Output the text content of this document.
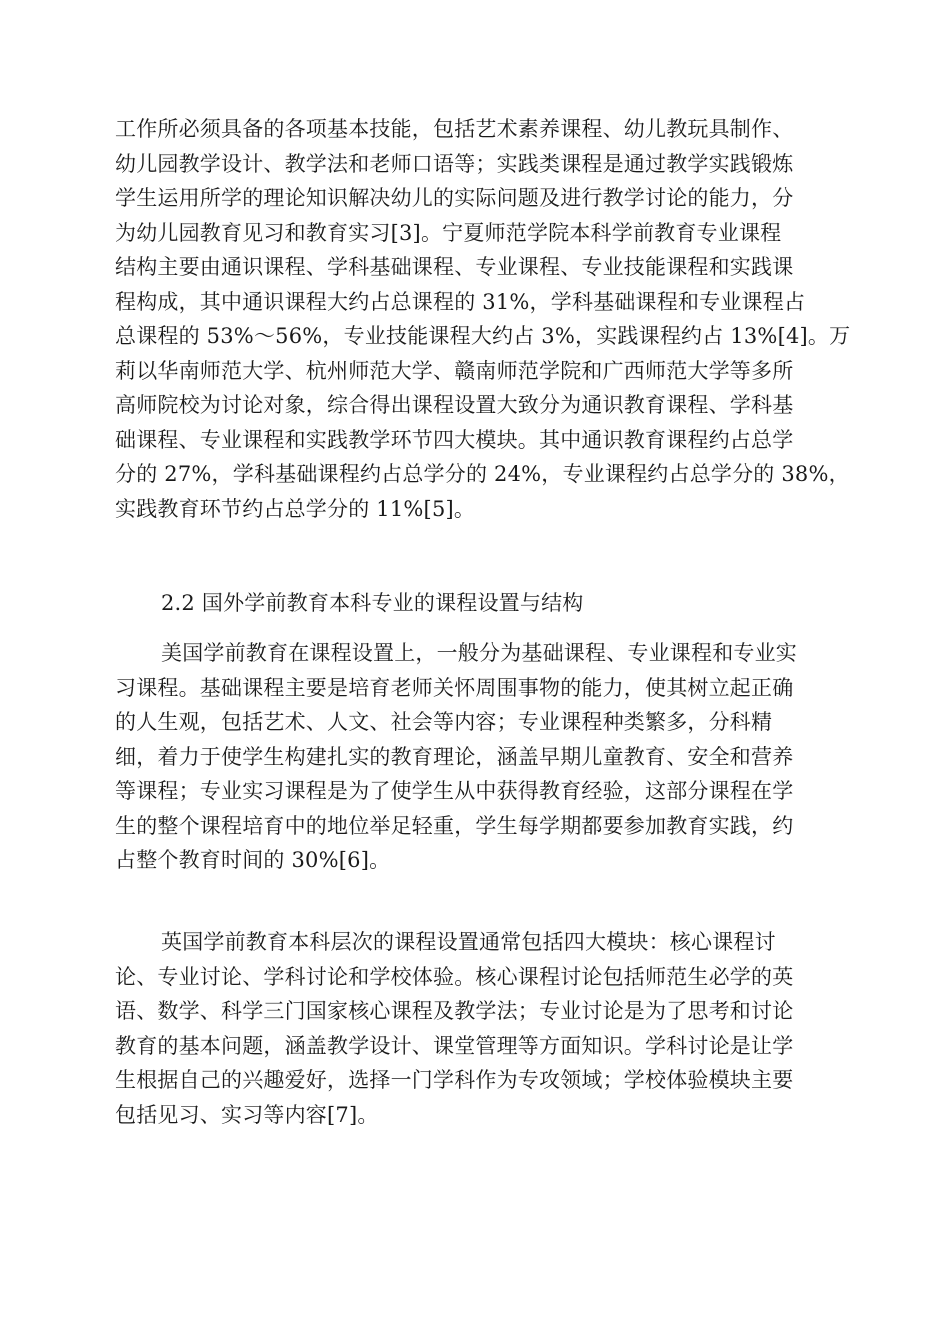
工作所必须具备的各项基本技能，包括艺术素养课程、幼儿教玩具制作、
幼儿园教学设计、教学法和老师口语等；实践类课程是通过教学实践锻炼
学生运用所学的理论知识解决幼儿的实际问题及进行教学讨论的能力，分
为幼儿园教育见习和教育实习[3]。宁夏师范学院本科学前教育专业课程
结构主要由通识课程、学科基础课程、专业课程、专业技能课程和实践课
程构成，其中通识课程大约占总课程的 31%，学科基础课程和专业课程占
总课程的 53%～56%，专业技能课程大约占 3%，实践课程约占 13%[4]。万
莉以华南师范大学、杭州师范大学、赣南师范学院和广西师范大学等多所
高师院校为讨论对象，综合得出课程设置大致分为通识教育课程、学科基
础课程、专业课程和实践教学环节四大模块。其中通识教育课程约占总学
分的 27%，学科基础课程约占总学分的 24%，专业课程约占总学分的 38%，
实践教育环节约占总学分的 11%[5]。
2.2 国外学前教育本科专业的课程设置与结构
美国学前教育在课程设置上，一般分为基础课程、专业课程和专业实
习课程。基础课程主要是培育老师关怀周围事物的能力，使其树立起正确
的人生观，包括艺术、人文、社会等内容；专业课程种类繁多，分科精
细，着力于使学生构建扎实的教育理论，涵盖早期儿童教育、安全和营养
等课程；专业实习课程是为了使学生从中获得教育经验，这部分课程在学
生的整个课程培育中的地位举足轻重，学生每学期都要参加教育实践，约
占整个教育时间的 30%[6]。
英国学前教育本科层次的课程设置通常包括四大模块：核心课程讨
论、专业讨论、学科讨论和学校体验。核心课程讨论包括师范生必学的英
语、数学、科学三门国家核心课程及教学法；专业讨论是为了思考和讨论
教育的基本问题，涵盖教学设计、课堂管理等方面知识。学科讨论是让学
生根据自己的兴趣爱好，选择一门学科作为专攻领域；学校体验模块主要
包括见习、实习等内容[7]。
